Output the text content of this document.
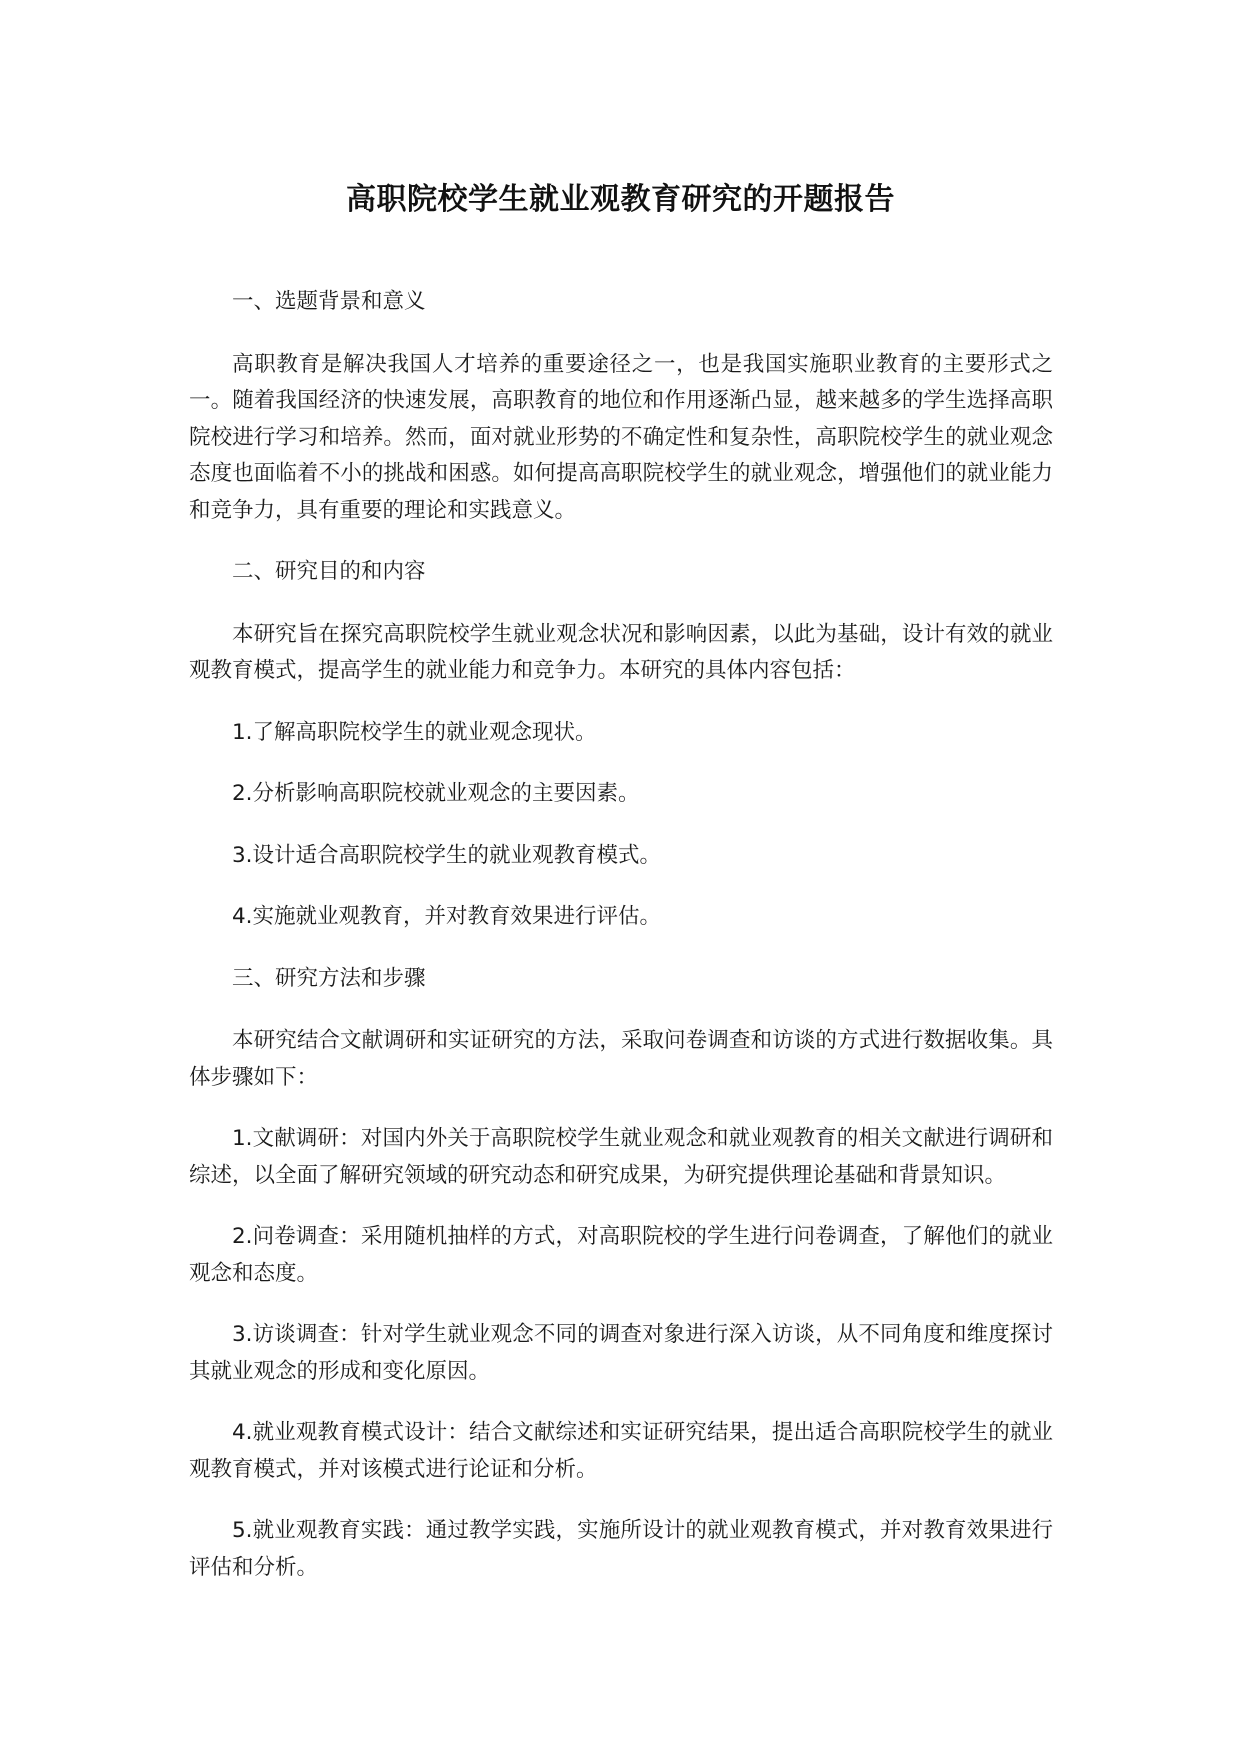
高职院校学生就业观教育研究的开题报告

一、选题背景和意义

高职教育是解决我国人才培养的重要途径之一，也是我国实施职业教育的主要形式之一。随着我国经济的快速发展，高职教育的地位和作用逐渐凸显，越来越多的学生选择高职院校进行学习和培养。然而，面对就业形势的不确定性和复杂性，高职院校学生的就业观念态度也面临着不小的挑战和困惑。如何提高高职院校学生的就业观念，增强他们的就业能力和竞争力，具有重要的理论和实践意义。

二、研究目的和内容

本研究旨在探究高职院校学生就业观念状况和影响因素，以此为基础，设计有效的就业观教育模式，提高学生的就业能力和竞争力。本研究的具体内容包括：

1.了解高职院校学生的就业观念现状。

2.分析影响高职院校就业观念的主要因素。

3.设计适合高职院校学生的就业观教育模式。

4.实施就业观教育，并对教育效果进行评估。

三、研究方法和步骤

本研究结合文献调研和实证研究的方法，采取问卷调查和访谈的方式进行数据收集。具体步骤如下：

1.文献调研：对国内外关于高职院校学生就业观念和就业观教育的相关文献进行调研和综述，以全面了解研究领域的研究动态和研究成果，为研究提供理论基础和背景知识。

2.问卷调查：采用随机抽样的方式，对高职院校的学生进行问卷调查，了解他们的就业观念和态度。

3.访谈调查：针对学生就业观念不同的调查对象进行深入访谈，从不同角度和维度探讨其就业观念的形成和变化原因。

4.就业观教育模式设计：结合文献综述和实证研究结果，提出适合高职院校学生的就业观教育模式，并对该模式进行论证和分析。

5.就业观教育实践：通过教学实践，实施所设计的就业观教育模式，并对教育效果进行评估和分析。
